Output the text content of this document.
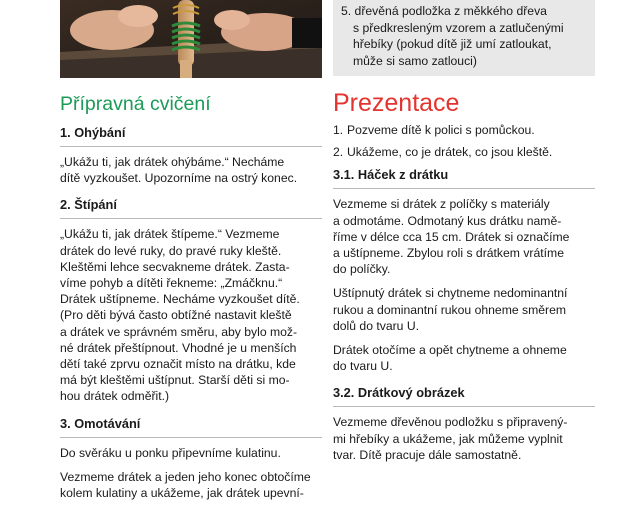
5. dřevěná podložka z měkkého dřeva
s předkresleným vzorem a zatlučenými
hřebíky (pokud dítě již umí zatloukat,
může si samo zatlouci)
Přípravná cvičení
1. Ohýbání

„Ukážu ti, jak drátek ohýbáme.“ Necháme
dítě vyzkoušet. Upozorníme na ostrý konec.

2. Štípání

„Ukážu ti, jak drátek štípeme.“ Vezmeme
drátek do levé ruky, do pravé ruky kleště.
Kleštěmi lehce secvakneme drátek. Zasta-
víme pohyb a dítěti řekneme: „Zmáčknu.“
Drátek uštípneme. Necháme vyzkoušet dítě.
(Pro děti bývá často obtížné nastavit kleště
a drátek ve správném směru, aby bylo mož-
né drátek přeštípnout. Vhodné je u menších
dětí také zprvu označit místo na drátku, kde
má být kleštěmi uštípnut. Starší děti si mo-
hou drátek odměřit.)

3. Omotávání

Do svěráku u ponku připevníme kulatinu.

Vezmeme drátek a jeden jeho konec obtočíme
kolem kulatiny a ukážeme, jak drátek upevní-

Prezentace
1. Pozveme dítě k polici s pomůckou.
2. Ukážeme, co je drátek, co jsou kleště.
3.1. Háček z drátku

Vezmeme si drátek z políčky s materiály
a odmotáme. Odmotaný kus drátku namě-
říme v délce cca 15 cm. Drátek si označíme
a uštípneme. Zbylou roli s drátkem vrátíme
do políčky.

Uštípnutý drátek si chytneme nedominantní
rukou a dominantní rukou ohneme směrem
dolů do tvaru U.

Drátek otočíme a opět chytneme a ohneme
do tvaru U.

3.2. Drátkový obrázek

Vezmeme dřevěnou podložku s připravený-
mi hřebíky a ukážeme, jak můžeme vyplnit
tvar. Dítě pracuje dále samostatně.
